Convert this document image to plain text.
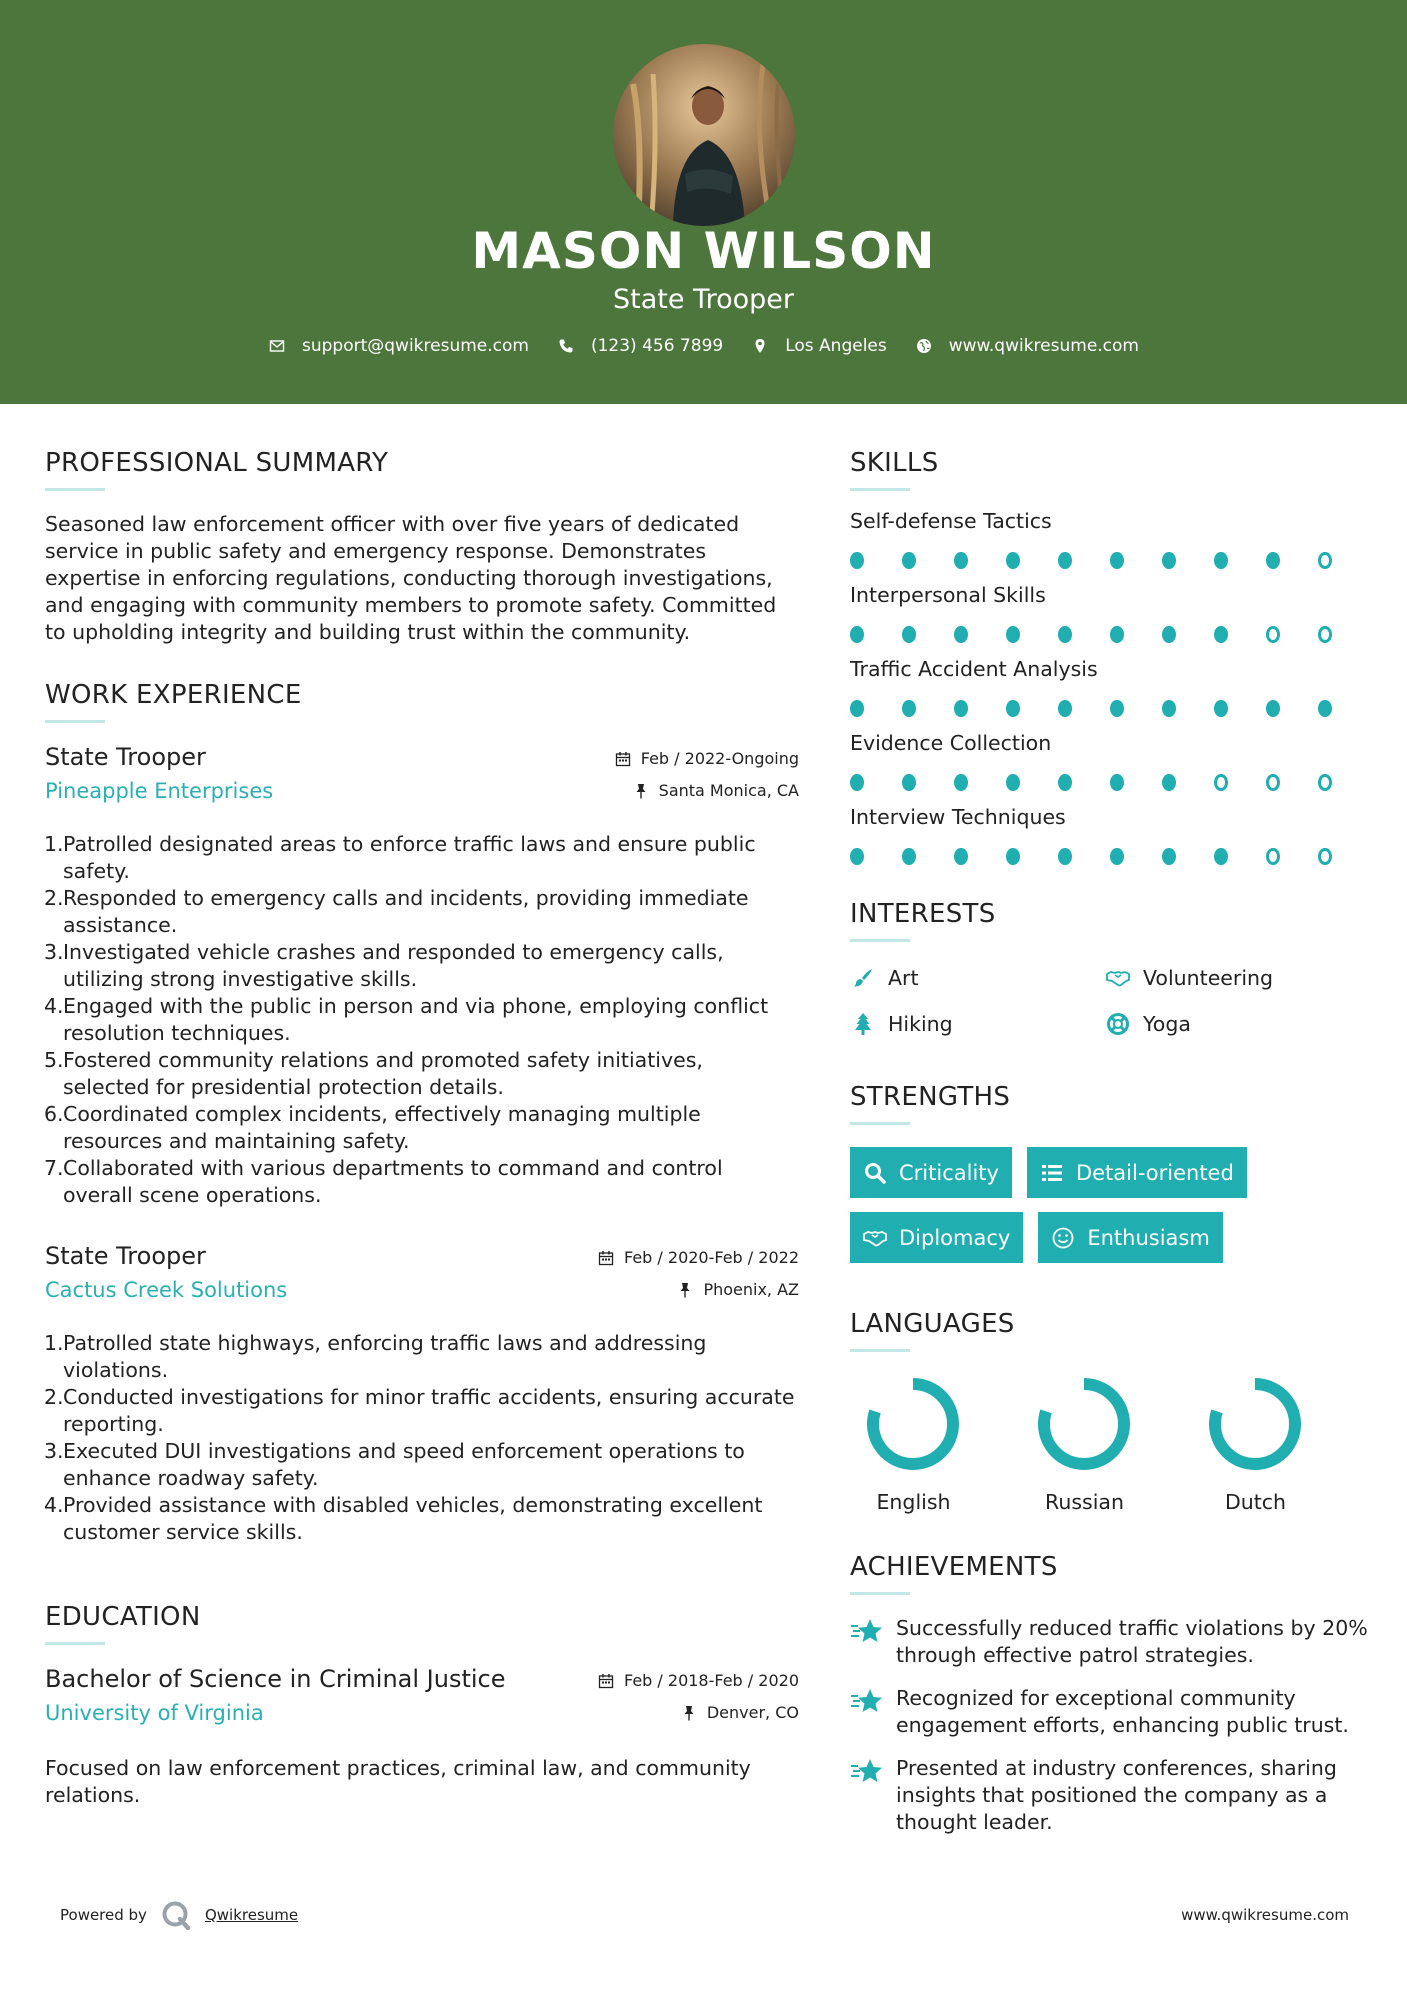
MASON WILSON
State Trooper
support@qwikresume.com	(123) 456 7899	Los Angeles	www.qwikresume.com
PROFESSIONAL SUMMARY
Seasoned law enforcement officer with over five years of dedicated service in public safety and emergency response. Demonstrates expertise in enforcing regulations, conducting thorough investigations, and engaging with community members to promote safety. Committed to upholding integrity and building trust within the community.
WORK EXPERIENCE
State Trooper
Pineapple Enterprises
Feb / 2022-Ongoing
Santa Monica, CA
1. Patrolled designated areas to enforce traffic laws and ensure public safety.
2. Responded to emergency calls and incidents, providing immediate assistance.
3. Investigated vehicle crashes and responded to emergency calls, utilizing strong investigative skills.
4. Engaged with the public in person and via phone, employing conflict resolution techniques.
5. Fostered community relations and promoted safety initiatives, selected for presidential protection details.
6. Coordinated complex incidents, effectively managing multiple resources and maintaining safety.
7. Collaborated with various departments to command and control overall scene operations.
State Trooper
Cactus Creek Solutions
Feb / 2020-Feb / 2022
Phoenix, AZ
1. Patrolled state highways, enforcing traffic laws and addressing violations.
2. Conducted investigations for minor traffic accidents, ensuring accurate reporting.
3. Executed DUI investigations and speed enforcement operations to enhance roadway safety.
4. Provided assistance with disabled vehicles, demonstrating excellent customer service skills.
EDUCATION
Bachelor of Science in Criminal Justice
University of Virginia
Feb / 2018-Feb / 2020
Denver, CO
Focused on law enforcement practices, criminal law, and community relations.
SKILLS
Self-defense Tactics
Interpersonal Skills
Traffic Accident Analysis
Evidence Collection
Interview Techniques
INTERESTS
Art	Volunteering
Hiking	Yoga
STRENGTHS
Criticality	Detail-oriented
Diplomacy	Enthusiasm
LANGUAGES
English	Russian	Dutch
ACHIEVEMENTS
Successfully reduced traffic violations by 20% through effective patrol strategies.
Recognized for exceptional community engagement efforts, enhancing public trust.
Presented at industry conferences, sharing insights that positioned the company as a thought leader.
Powered by	Qwikresume	www.qwikresume.com
